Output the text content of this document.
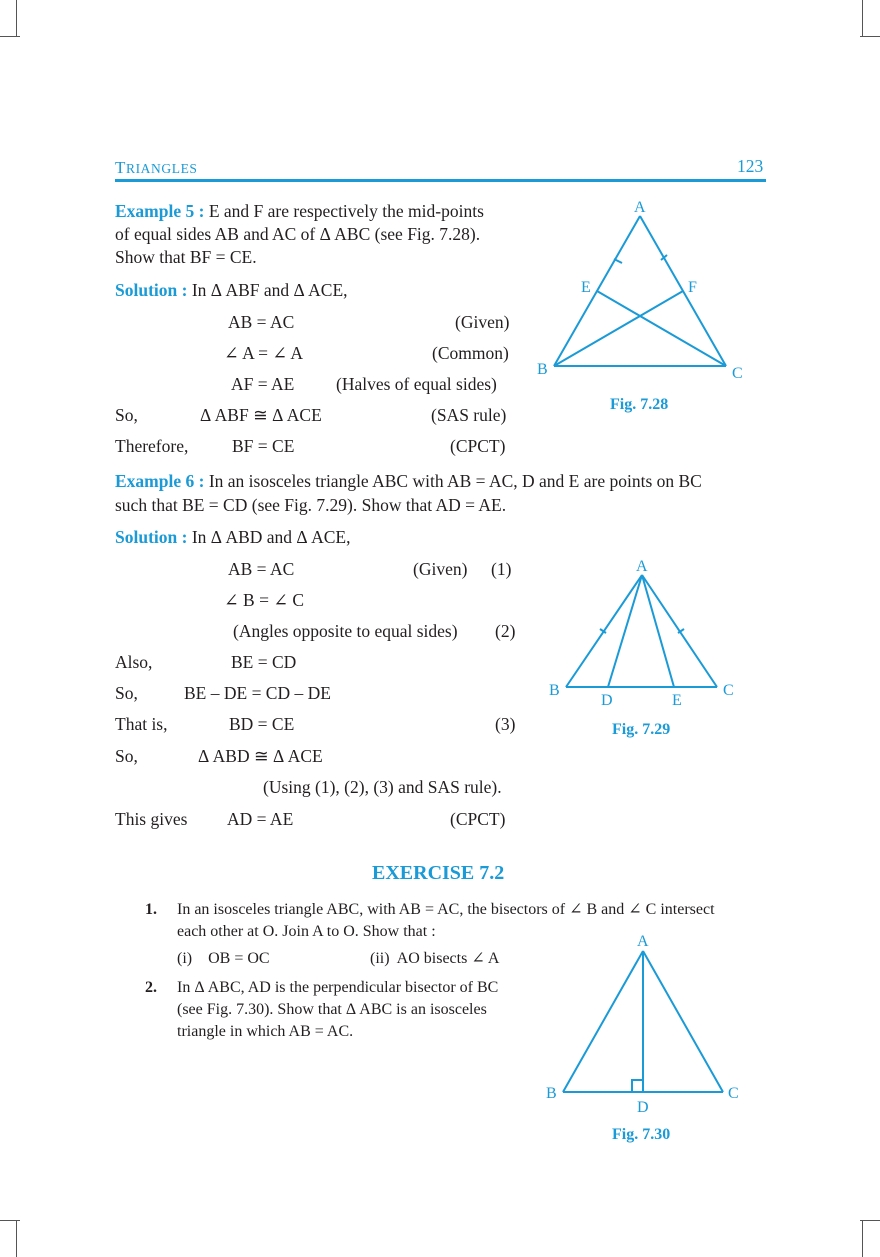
TRIANGLES	123
Example 5 : E and F are respectively the mid-points
of equal sides AB and AC of Δ ABC (see Fig. 7.28).
Show that BF = CE.
Solution : In Δ ABF and Δ ACE,
AB = AC	(Given)
∠ A = ∠ A	(Common)
AF = AE (Halves of equal sides)
So,	Δ ABF ≅ Δ ACE	(SAS rule)
Therefore, BF = CE	(CPCT)
A
E	F
B	C
Fig. 7.28
Example 6 : In an isosceles triangle ABC with AB = AC, D and E are points on BC
such that BE = CD (see Fig. 7.29). Show that AD = AE.
Solution : In Δ ABD and Δ ACE,
AB = AC	(Given) (1)
∠ B = ∠ C
(Angles opposite to equal sides) (2)
Also,	BE = CD
So,	BE – DE = CD – DE
That is,	BD = CE	(3)
So,	Δ ABD ≅ Δ ACE
(Using (1), (2), (3) and SAS rule).
This gives AD = AE	(CPCT)
A
B
D	E
C
Fig. 7.29
EXERCISE 7.2
1. In an isosceles triangle ABC, with AB = AC, the bisectors of ∠ B and ∠ C intersect
each other at O. Join A to O. Show that :
(i)    OB = OC	(ii)  AO bisects ∠ A
2. In Δ ABC, AD is the perpendicular bisector of BC
(see Fig. 7.30). Show that Δ ABC is an isosceles
triangle in which AB = AC.
A
B
D
C
Fig. 7.30
